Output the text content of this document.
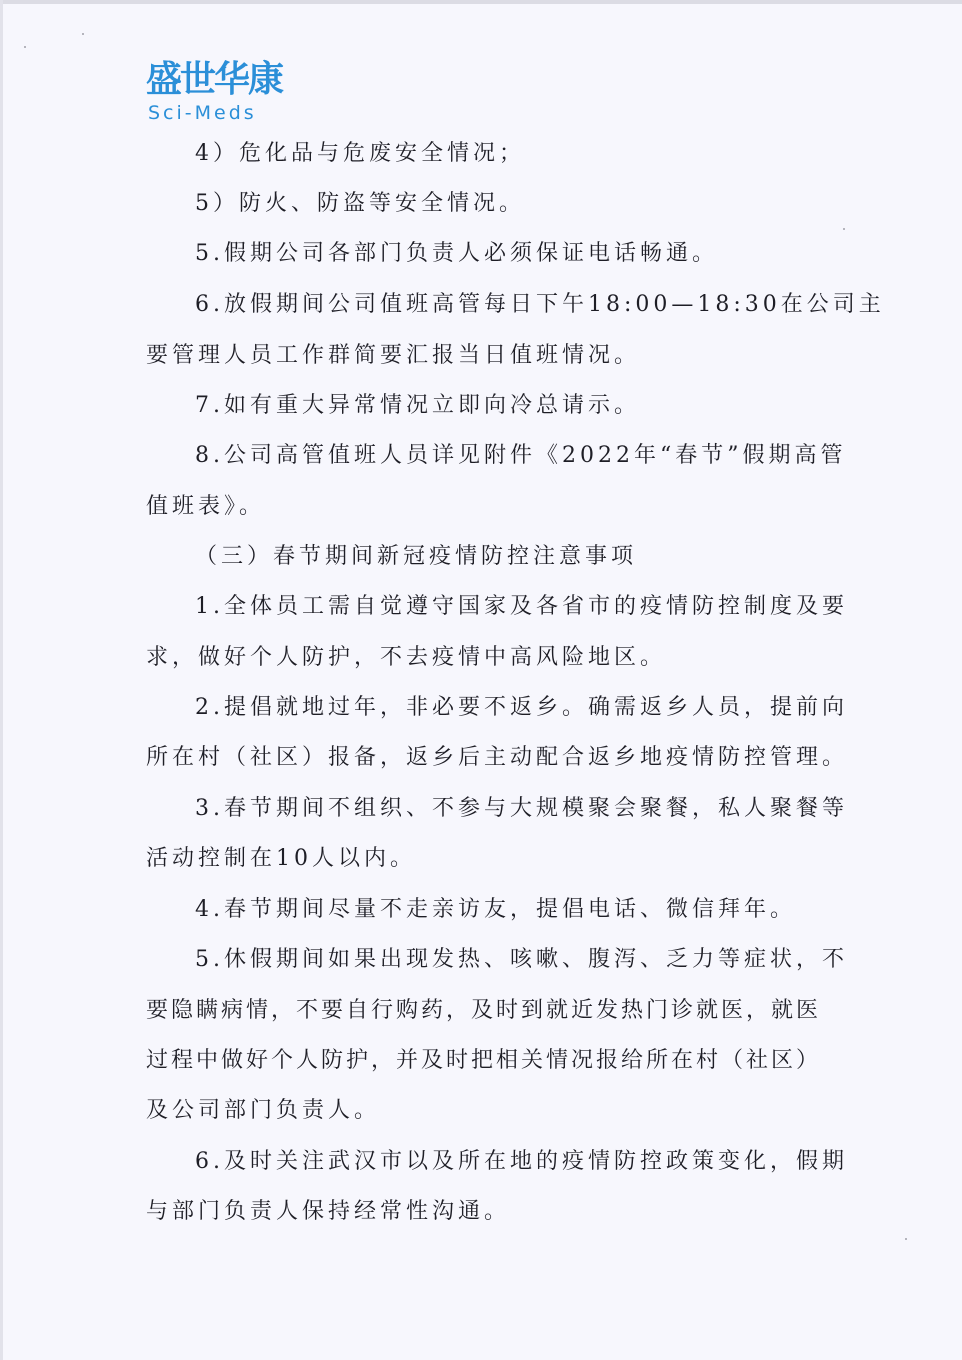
盛世华康
Sci-Meds
4）危化品与危废安全情况；
5）防火、防盗等安全情况。
5.假期公司各部门负责人必须保证电话畅通。
6.放假期间公司值班高管每日下午18:00—18:30在公司主
要管理人员工作群简要汇报当日值班情况。
7.如有重大异常情况立即向冷总请示。
8.公司高管值班人员详见附件《2022年“春节”假期高管
值班表》。
（三）春节期间新冠疫情防控注意事项
1.全体员工需自觉遵守国家及各省市的疫情防控制度及要
求，做好个人防护，不去疫情中高风险地区。
2.提倡就地过年，非必要不返乡。确需返乡人员，提前向
所在村（社区）报备，返乡后主动配合返乡地疫情防控管理。
3.春节期间不组织、不参与大规模聚会聚餐，私人聚餐等
活动控制在10人以内。
4.春节期间尽量不走亲访友，提倡电话、微信拜年。
5.休假期间如果出现发热、咳嗽、腹泻、乏力等症状，不
要隐瞒病情，不要自行购药，及时到就近发热门诊就医，就医
过程中做好个人防护，并及时把相关情况报给所在村（社区）
及公司部门负责人。
6.及时关注武汉市以及所在地的疫情防控政策变化，假期
与部门负责人保持经常性沟通。
